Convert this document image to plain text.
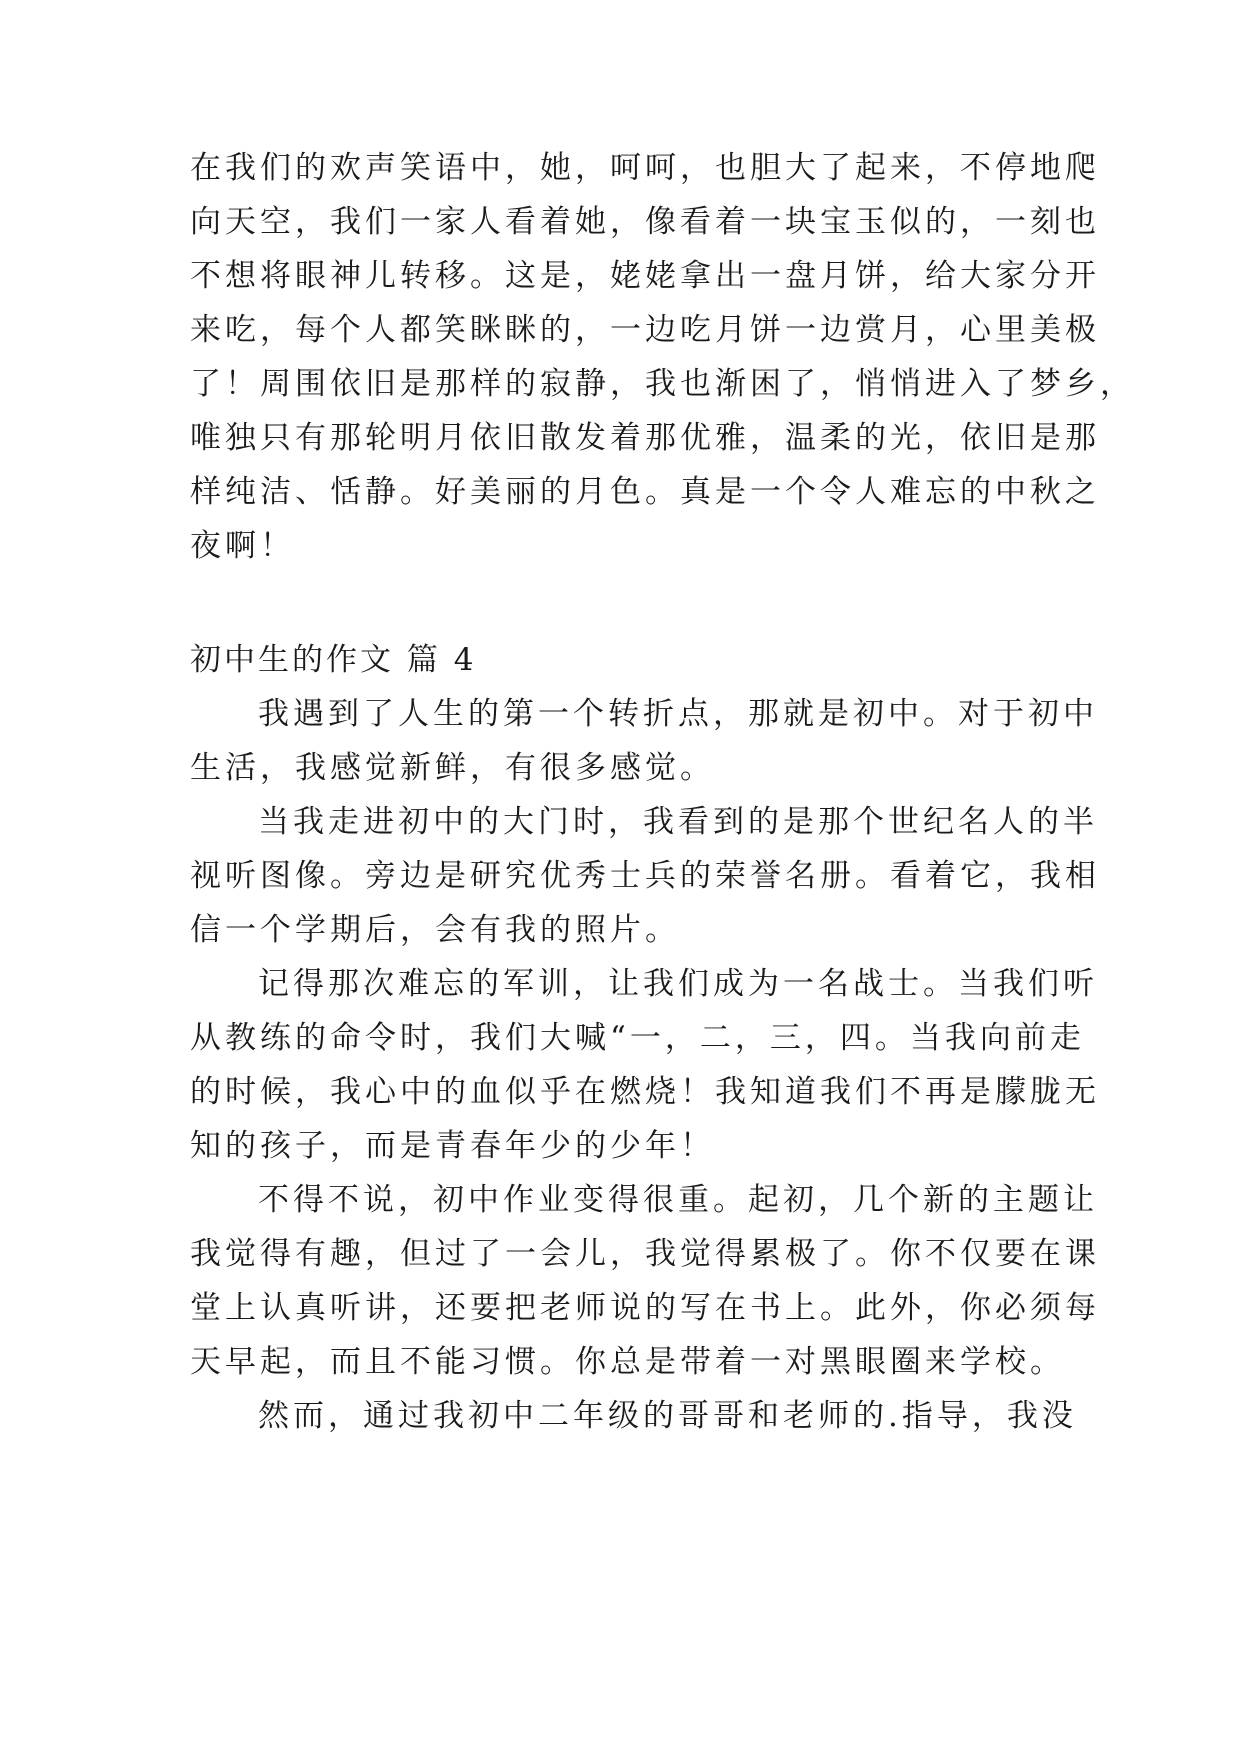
在我们的欢声笑语中，她，呵呵，也胆大了起来，不停地爬
向天空，我们一家人看着她，像看着一块宝玉似的，一刻也
不想将眼神儿转移。这是，姥姥拿出一盘月饼，给大家分开
来吃，每个人都笑眯眯的，一边吃月饼一边赏月，心里美极
了！周围依旧是那样的寂静，我也渐困了，悄悄进入了梦乡，
唯独只有那轮明月依旧散发着那优雅，温柔的光，依旧是那
样纯洁、恬静。好美丽的月色。真是一个令人难忘的中秋之
夜啊！
初中生的作文 篇 4
我遇到了人生的第一个转折点，那就是初中。对于初中
生活，我感觉新鲜，有很多感觉。
当我走进初中的大门时，我看到的是那个世纪名人的半
视听图像。旁边是研究优秀士兵的荣誉名册。看着它，我相
信一个学期后，会有我的照片。
记得那次难忘的军训，让我们成为一名战士。当我们听
从教练的命令时，我们大喊“一，二，三，四。当我向前走
的时候，我心中的血似乎在燃烧！我知道我们不再是朦胧无
知的孩子，而是青春年少的少年！
不得不说，初中作业变得很重。起初，几个新的主题让
我觉得有趣，但过了一会儿，我觉得累极了。你不仅要在课
堂上认真听讲，还要把老师说的写在书上。此外，你必须每
天早起，而且不能习惯。你总是带着一对黑眼圈来学校。
然而，通过我初中二年级的哥哥和老师的.指导，我没
